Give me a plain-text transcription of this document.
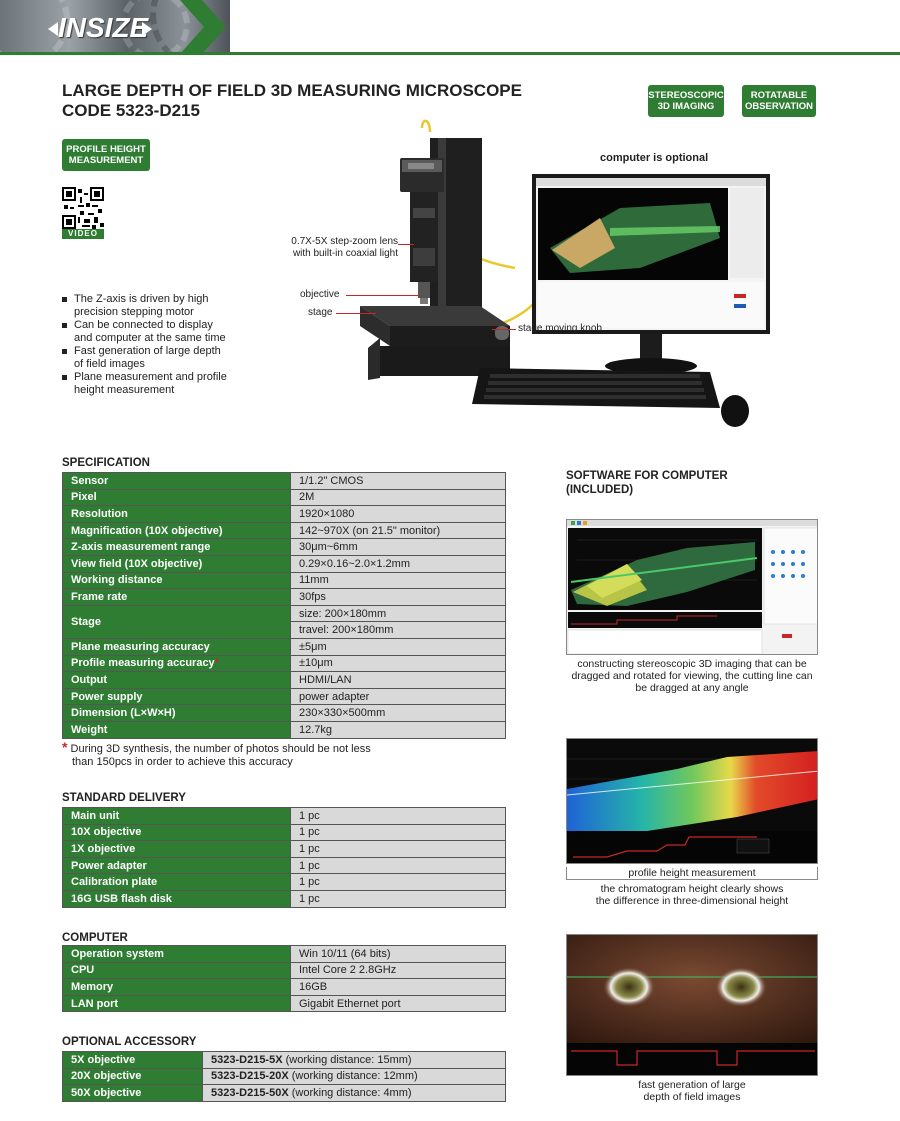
INSIZE
LARGE DEPTH OF FIELD 3D MEASURING MICROSCOPE
CODE 5323-D215
STEREOSCOPIC
3D IMAGING
ROTATABLE
OBSERVATION
PROFILE HEIGHT
MEASUREMENT
VIDEO
The Z-axis is driven by high
precision stepping motor
Can be connected to display
and computer at the same time
Fast generation of large depth
of field images
Plane measurement and profile
height measurement
computer is optional
0.7X-5X step-zoom lens
with built-in coaxial light
objective
stage
stage moving knob
SPECIFICATION
Sensor	1/1.2" CMOS
Pixel	2M
Resolution	1920×1080
Magnification (10X objective)	142~970X (on 21.5" monitor)
Z-axis measurement range	30μm~6mm
View field (10X objective)	0.29×0.16~2.0×1.2mm
Working distance	11mm
Frame rate	30fps
Stage	size: 200×180mm
	travel: 200×180mm
Plane measuring accuracy	±5μm
Profile measuring accuracy*	±10μm
Output	HDMI/LAN
Power supply	power adapter
Dimension (L×W×H)	230×330×500mm
Weight	12.7kg
* During 3D synthesis, the number of photos should be not less
than 150pcs in order to achieve this accuracy
STANDARD DELIVERY
Main unit	1 pc
10X objective	1 pc
1X objective	1 pc
Power adapter	1 pc
Calibration plate	1 pc
16G USB flash disk	1 pc
COMPUTER
Operation system	Win 10/11 (64 bits)
CPU	Intel Core 2 2.8GHz
Memory	16GB
LAN port	Gigabit Ethernet port
OPTIONAL ACCESSORY
5X objective	5323-D215-5X (working distance: 15mm)
20X objective	5323-D215-20X (working distance: 12mm)
50X objective	5323-D215-50X (working distance: 4mm)
SOFTWARE FOR COMPUTER
(INCLUDED)
constructing stereoscopic 3D imaging that can be
dragged and rotated for viewing, the cutting line can
be dragged at any angle
profile height measurement
the chromatogram height clearly shows
the difference in three-dimensional height
fast generation of large
depth of field images
